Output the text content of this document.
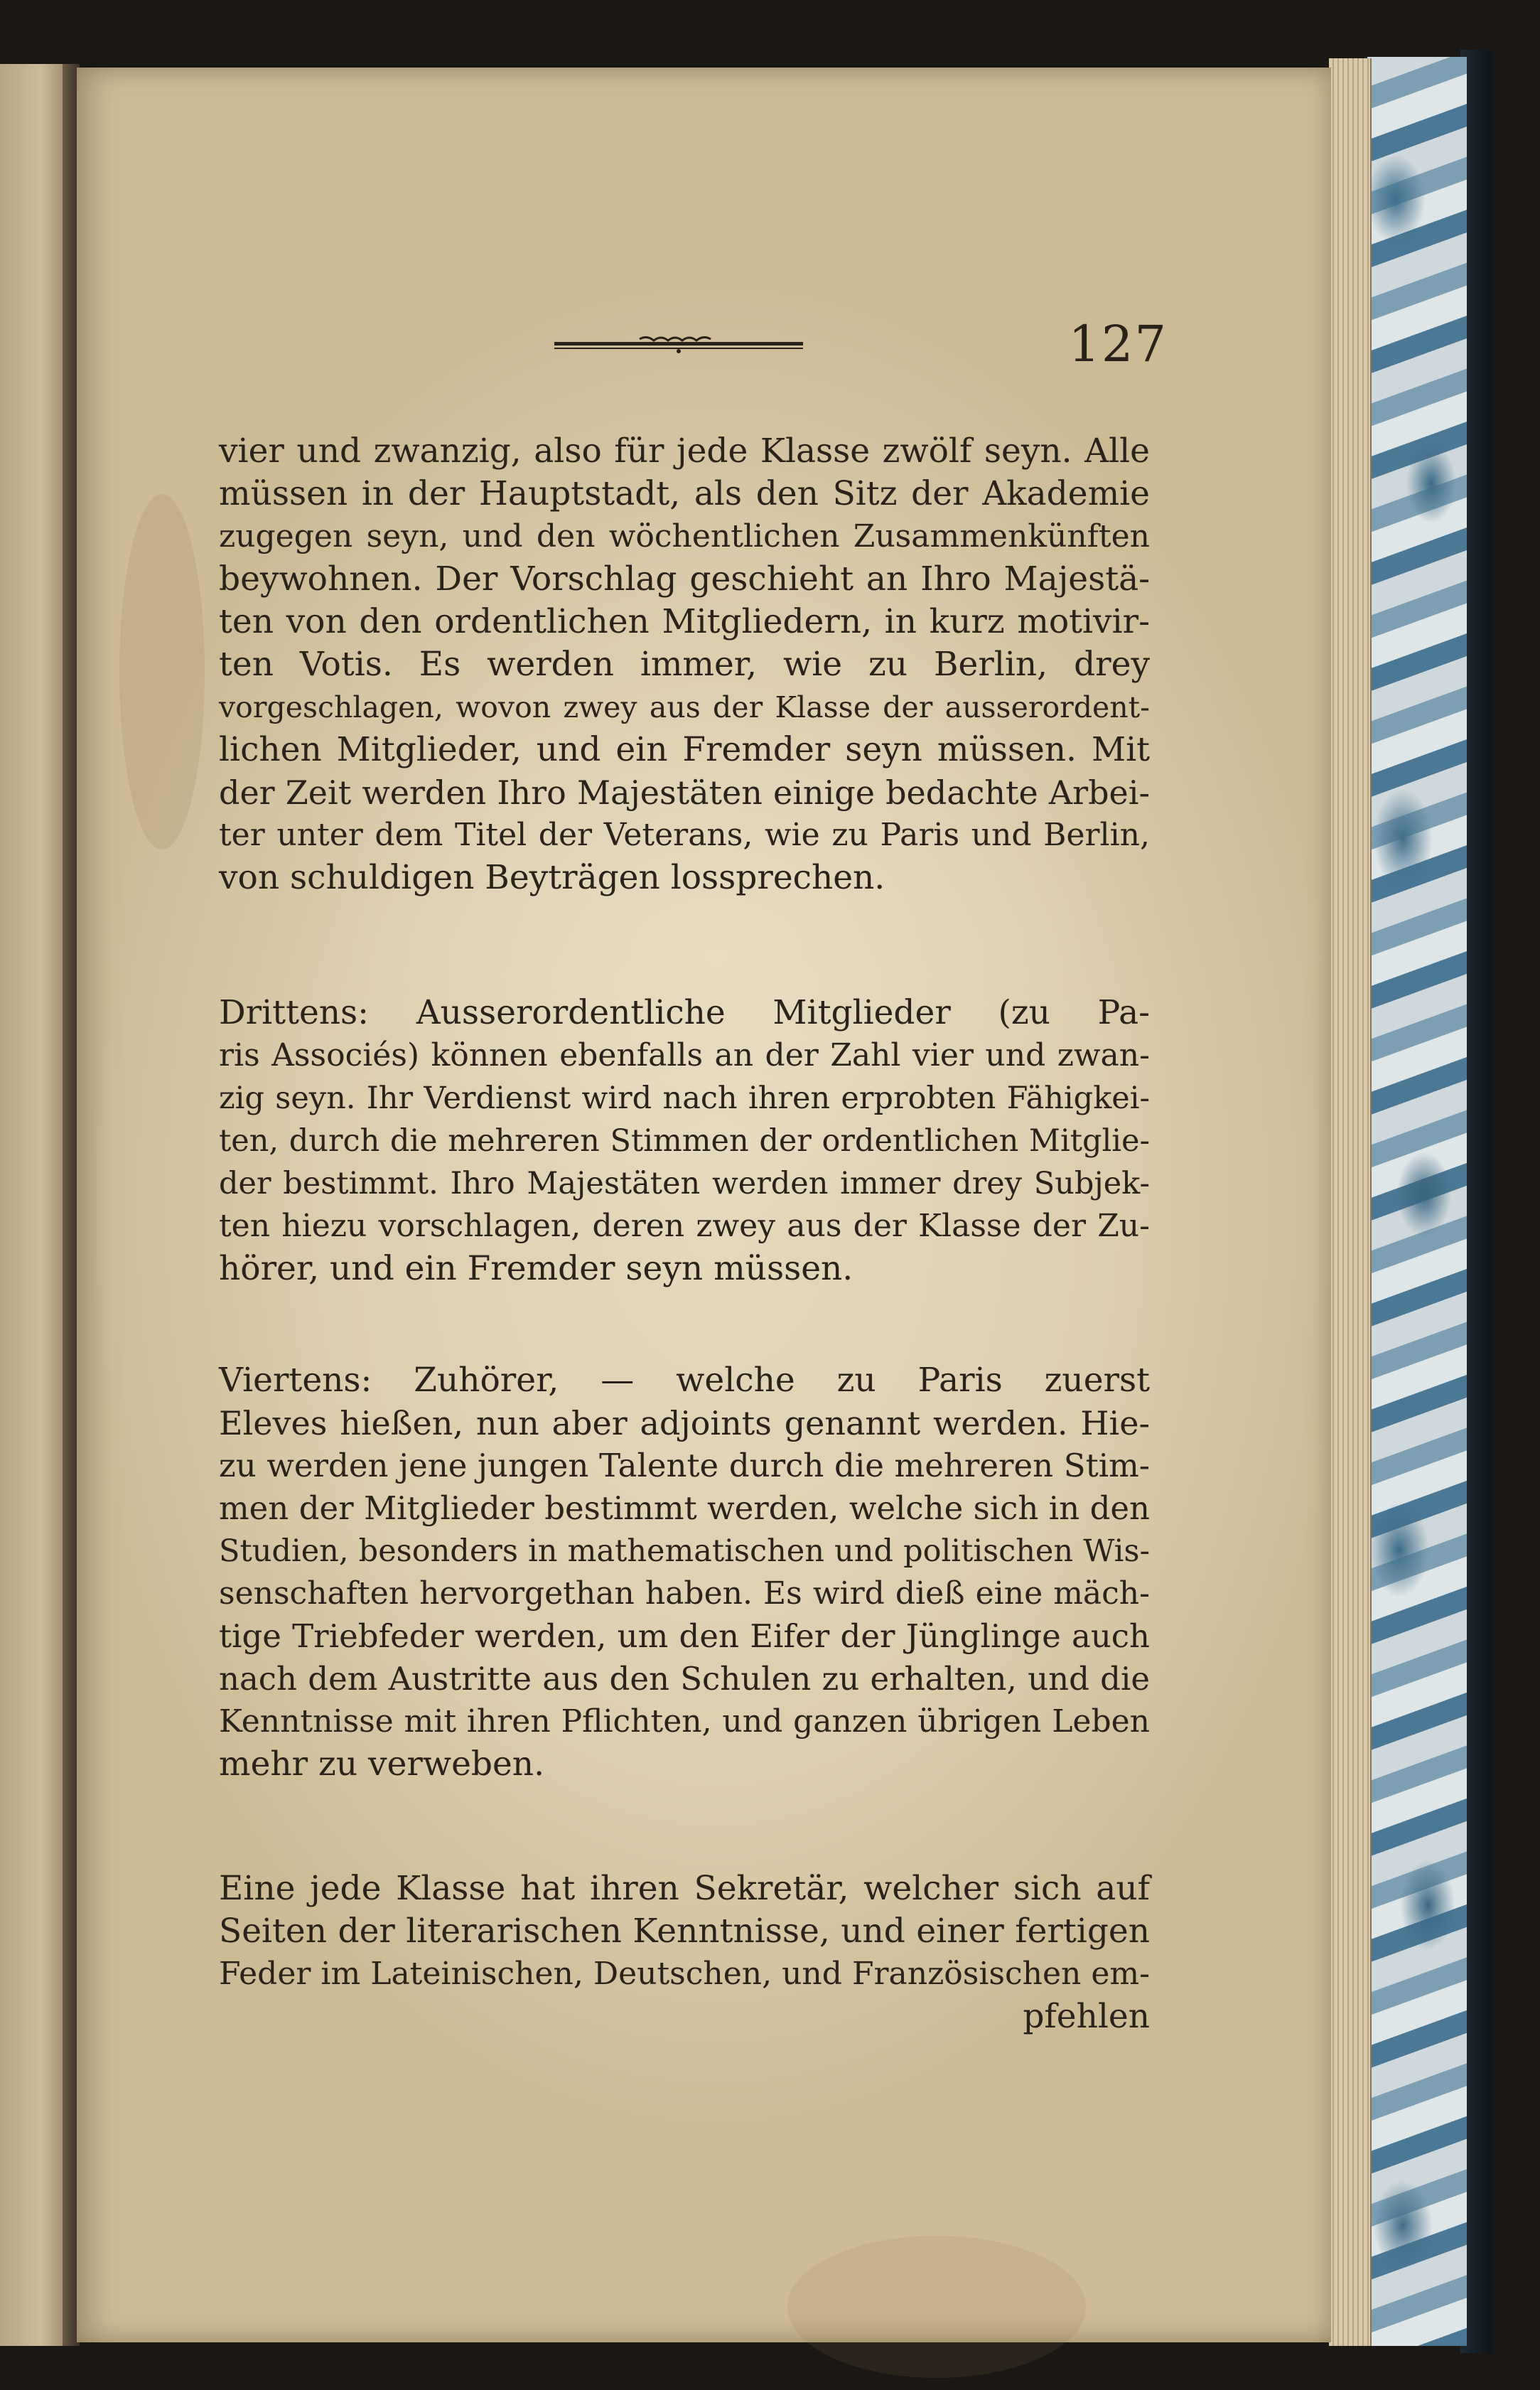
127
vier und zwanzig, also für jede Klasse zwölf seyn. Alle
müssen in der Hauptstadt, als den Sitz der Akademie
zugegen seyn, und den wöchentlichen Zusammenkünften
beywohnen. Der Vorschlag geschieht an Ihro Majestä-
ten von den ordentlichen Mitgliedern, in kurz motivir-
ten Votis. Es werden immer, wie zu Berlin, drey
vorgeschlagen, wovon zwey aus der Klasse der ausserordent-
lichen Mitglieder, und ein Fremder seyn müssen. Mit
der Zeit werden Ihro Majestäten einige bedachte Arbei-
ter unter dem Titel der Veterans, wie zu Paris und Berlin,
von schuldigen Beyträgen lossprechen.
Drittens: Ausserordentliche Mitglieder (zu Pa-
ris Associés) können ebenfalls an der Zahl vier und zwan-
zig seyn. Ihr Verdienst wird nach ihren erprobten Fähigkei-
ten, durch die mehreren Stimmen der ordentlichen Mitglie-
der bestimmt. Ihro Majestäten werden immer drey Subjek-
ten hiezu vorschlagen, deren zwey aus der Klasse der Zu-
hörer, und ein Fremder seyn müssen.
Viertens: Zuhörer, — welche zu Paris zuerst
Eleves hießen, nun aber adjoints genannt werden. Hie-
zu werden jene jungen Talente durch die mehreren Stim-
men der Mitglieder bestimmt werden, welche sich in den
Studien, besonders in mathematischen und politischen Wis-
senschaften hervorgethan haben. Es wird dieß eine mäch-
tige Triebfeder werden, um den Eifer der Jünglinge auch
nach dem Austritte aus den Schulen zu erhalten, und die
Kenntnisse mit ihren Pflichten, und ganzen übrigen Leben
mehr zu verweben.
Eine jede Klasse hat ihren Sekretär, welcher sich auf
Seiten der literarischen Kenntnisse, und einer fertigen
Feder im Lateinischen, Deutschen, und Französischen em-
pfehlen
